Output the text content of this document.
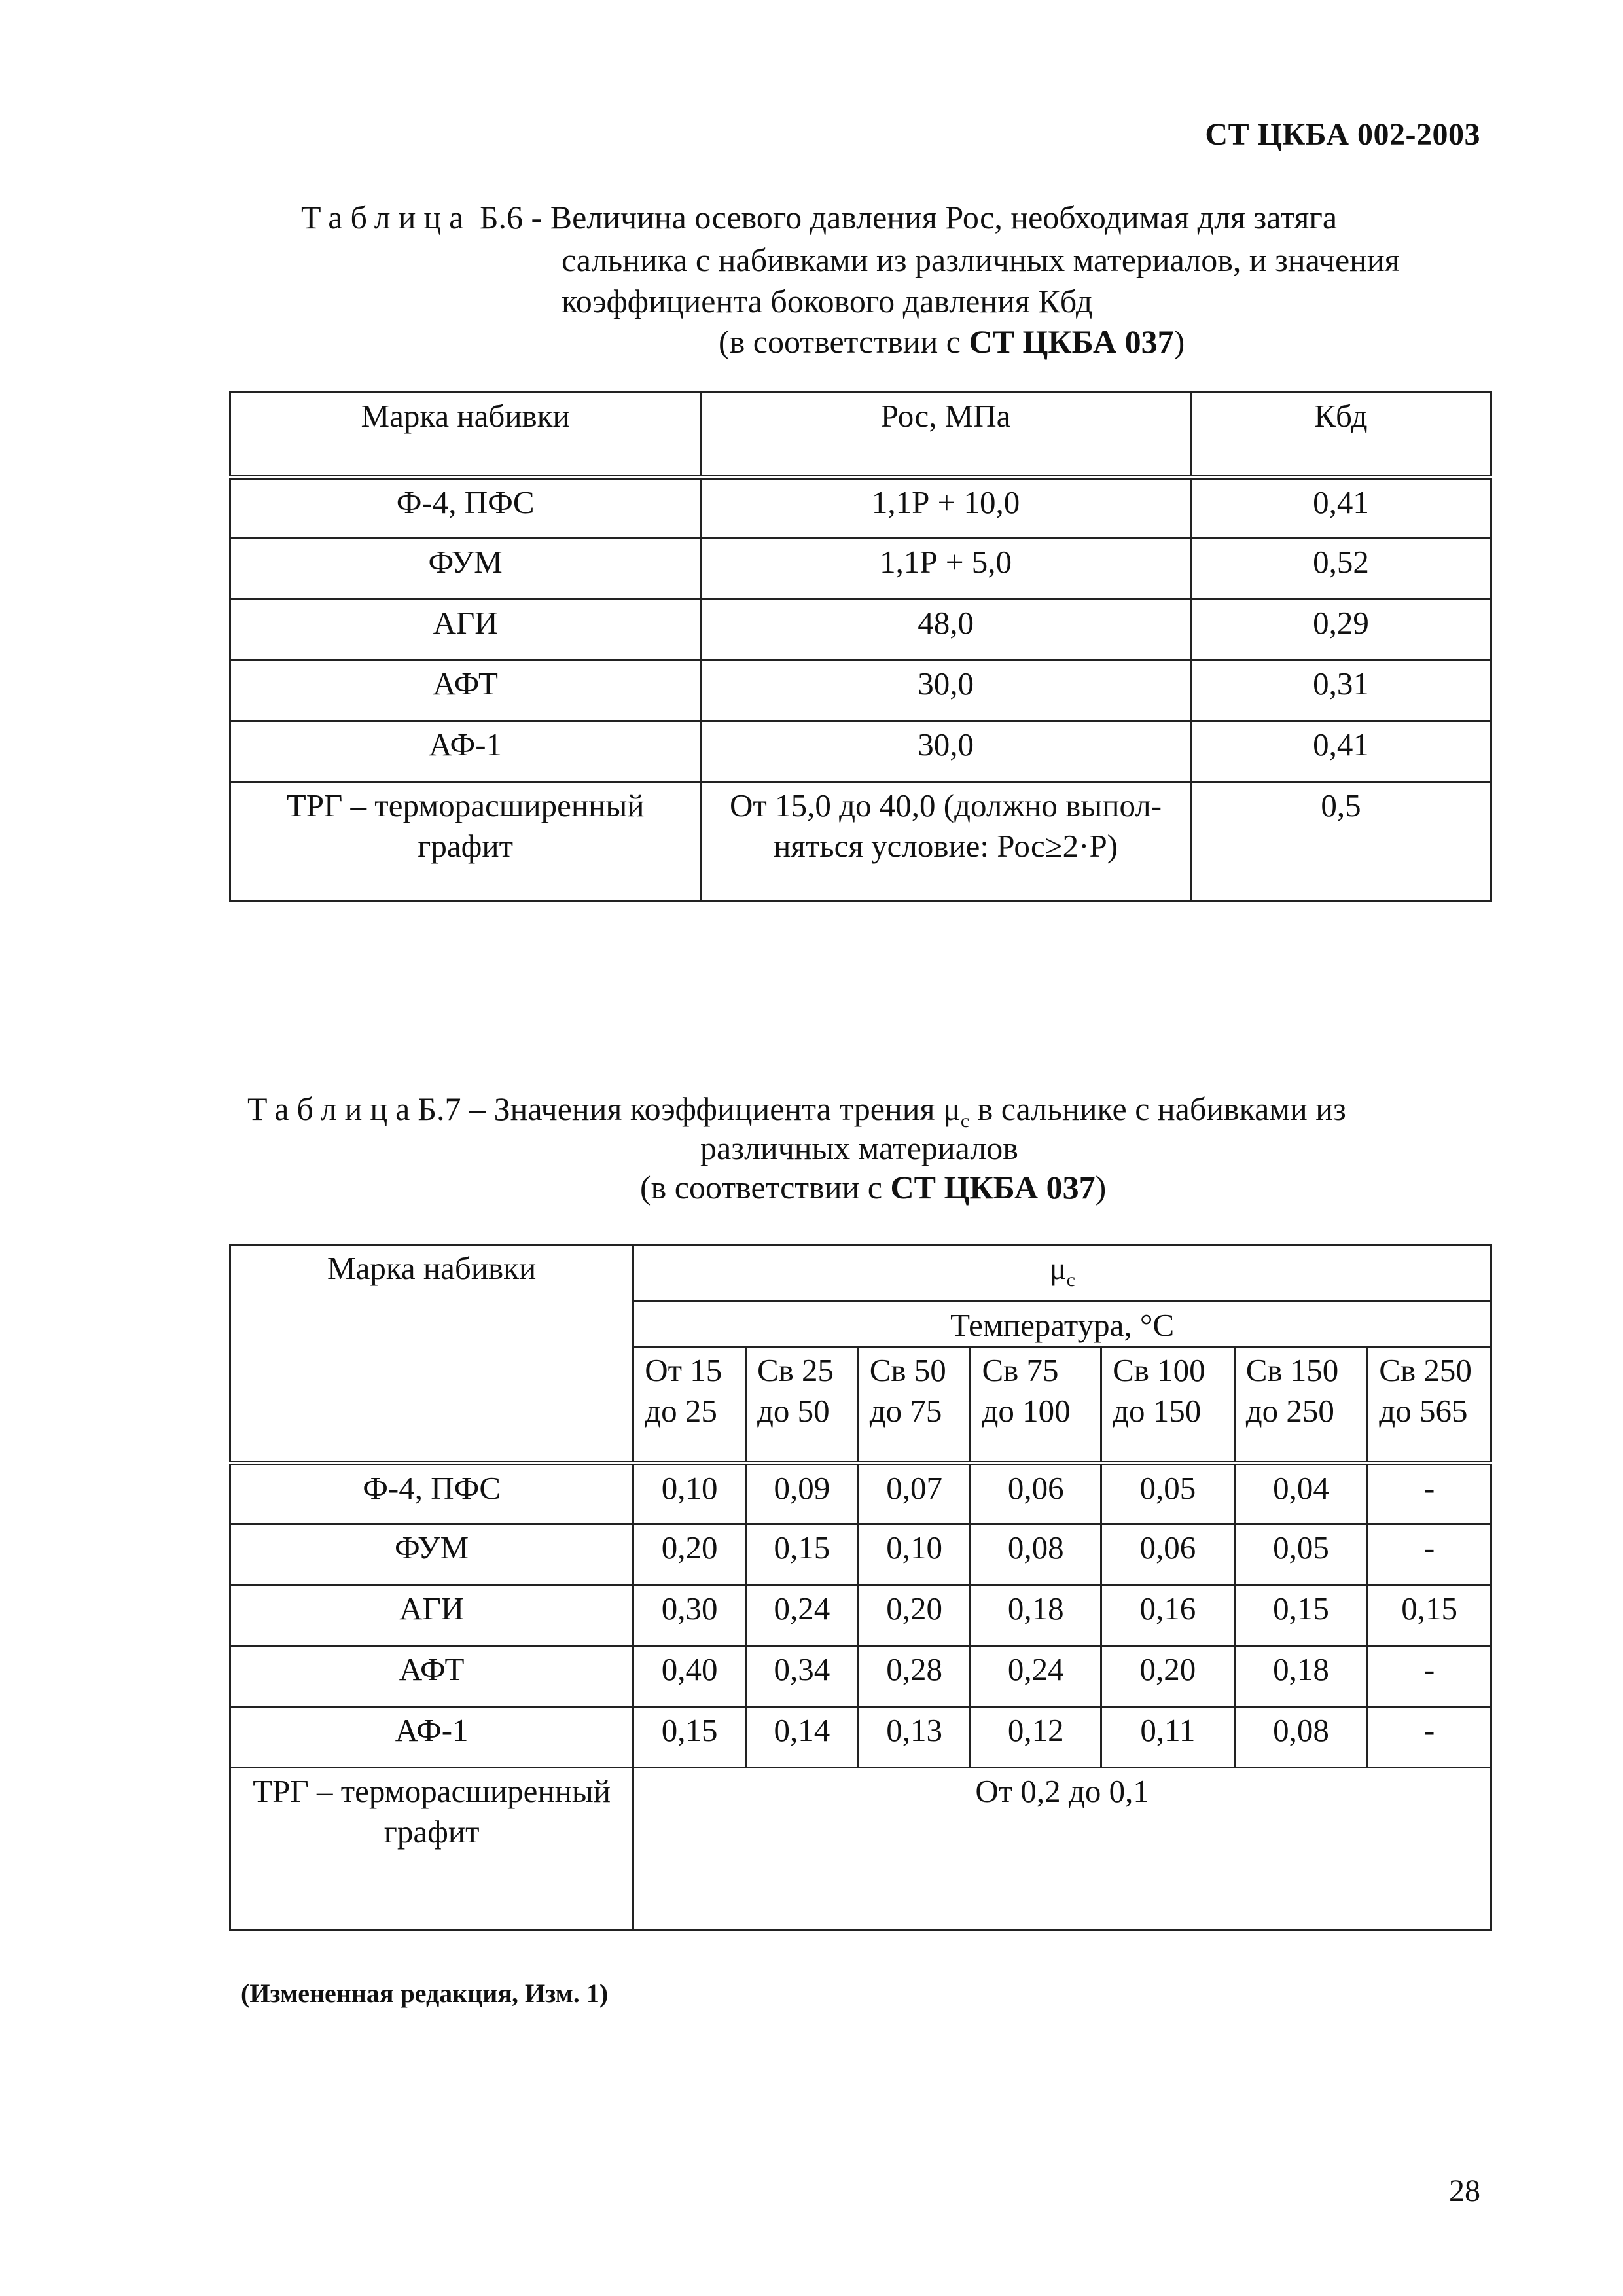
СТ ЦКБА 002-2003
Таблица Б.6 - Величина осевого давления Рос, необходимая для затяга
сальника с набивками из различных материалов, и значения
коэффициента бокового давления Кбд
(в соответствии с СТ ЦКБА 037)
Марка набивки	Рос, МПа	Кбд
Ф-4, ПФС	1,1Р + 10,0	0,41
ФУМ	1,1Р + 5,0	0,52
АГИ	48,0	0,29
АФТ	30,0	0,31
АФ-1	30,0	0,41
ТРГ – терморасширенный графит	От 15,0 до 40,0 (должно выпол-няться условие: Рос≥2·Р)	0,5
ТаблицаБ.7 – Значения коэффициента трения $\mu_c$ в сальнике с набивками из
различных материалов
(в соответствии с СТ ЦКБА 037)
Марка набивки	$\mu_c$
	Температура, °С						
	От 15 до 25	Св 25 до 50	Св 50 до 75	Св 75 до 100	Св 100 до 150	Св 150 до 250	Св 250 до 565
Ф-4, ПФС	0,10	0,09	0,07	0,06	0,05	0,04	-
ФУМ	0,20	0,15	0,10	0,08	0,06	0,05	-
АГИ	0,30	0,24	0,20	0,18	0,16	0,15	0,15
АФТ	0,40	0,34	0,28	0,24	0,20	0,18	-
АФ-1	0,15	0,14	0,13	0,12	0,11	0,08	-
ТРГ – терморасширенный графит	От 0,2 до 0,1						
(Измененная редакция, Изм. 1)
28
